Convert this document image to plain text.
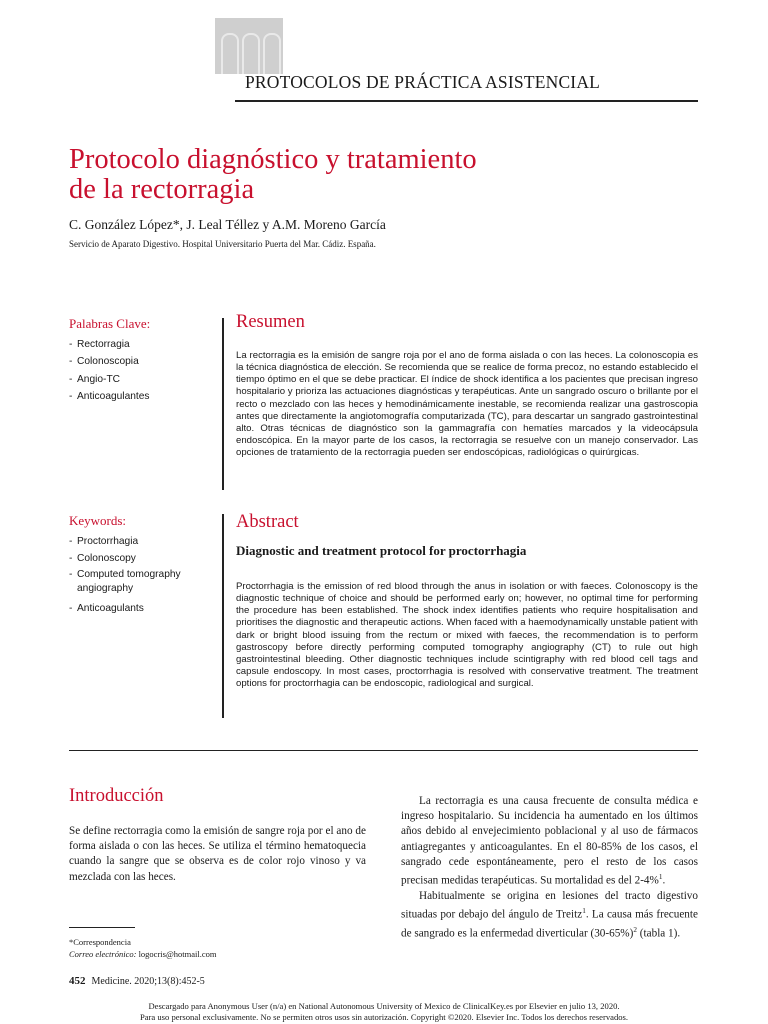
PROTOCOLOS DE PRÁCTICA ASISTENCIAL
Protocolo diagnóstico y tratamiento
de la rectorragia
C. González López*, J. Leal Téllez y A.M. Moreno García
Servicio de Aparato Digestivo. Hospital Universitario Puerta del Mar. Cádiz. España.
Palabras Clave:
- Rectorragia
- Colonoscopia
- Angio-TC
- Anticoagulantes
Resumen
La rectorragia es la emisión de sangre roja por el ano de forma aislada o con las heces. La colonoscopia es la técnica diagnóstica de elección. Se recomienda que se realice de forma precoz, no estando establecido el tiempo óptimo en el que se debe practicar. El índice de shock identifica a los pacientes que precisan ingreso hospitalario y prioriza las actuaciones diagnósticas y terapéuticas. Ante un sangrado oscuro o brillante por el recto o mezclado con las heces y hemodinámicamente inestable, se recomienda realizar una gastroscopia antes que directamente la angiotomografía computarizada (TC), para descartar un sangrado gastrointestinal alto. Otras técnicas de diagnóstico son la gammagrafía con hematíes marcados y la videocápsula endoscópica. En la mayor parte de los casos, la rectorragia se resuelve con un manejo conservador. Las opciones de tratamiento de la rectorragia pueden ser endoscópicas, radiológicas o quirúrgicas.
Keywords:
- Proctorrhagia
- Colonoscopy
- Computed tomography angiography
- Anticoagulants
Abstract
Diagnostic and treatment protocol for proctorrhagia
Proctorrhagia is the emission of red blood through the anus in isolation or with faeces. Colonoscopy is the diagnostic technique of choice and should be performed early on; however, no optimal time for performing the procedure has been established. The shock index identifies patients who require hospitalisation and prioritises the diagnostic and therapeutic actions. When faced with a haemodynamically unstable patient with dark or bright blood issuing from the rectum or mixed with faeces, the recommendation is to perform gastroscopy before directly performing computed tomography angiography (CT) to rule out high gastrointestinal bleeding. Other diagnostic techniques include scintigraphy with red blood cell tags and capsule endoscopy. In most cases, proctorrhagia is resolved with conservative treatment. The treatment options for proctorrhagia can be endoscopic, radiological and surgical.
Introducción

Se define rectorragia como la emisión de sangre roja por el ano de forma aislada o con las heces. Se utiliza el término hematoquecia cuando la sangre que se observa es de color rojo vinoso y va mezclada con las heces.

La rectorragia es una causa frecuente de consulta médica e ingreso hospitalario. Su incidencia ha aumentado en los últimos años debido al envejecimiento poblacional y al uso de fármacos antiagregantes y anticoagulantes. En el 80-85% de los casos, el sangrado cede espontáneamente, pero el resto de los casos precisan medidas terapéuticas. Su mortalidad es del 2-4%$^1$.

Habitualmente se origina en lesiones del tracto digestivo situadas por debajo del ángulo de Treitz$^1$. La causa más frecuente de sangrado es la enfermedad diverticular $(30-65\%)^2$ (tabla 1).

*Correspondencia
Correo electrónico: logocris@hotmail.com
452 Medicine. 2020;13(8):452-5
Descargado para Anonymous User (n/a) en National Autonomous University of Mexico de ClinicalKey.es por Elsevier en julio 13, 2020.
Para uso personal exclusivamente. No se permiten otros usos sin autorización. Copyright ©2020. Elsevier Inc. Todos los derechos reservados.
